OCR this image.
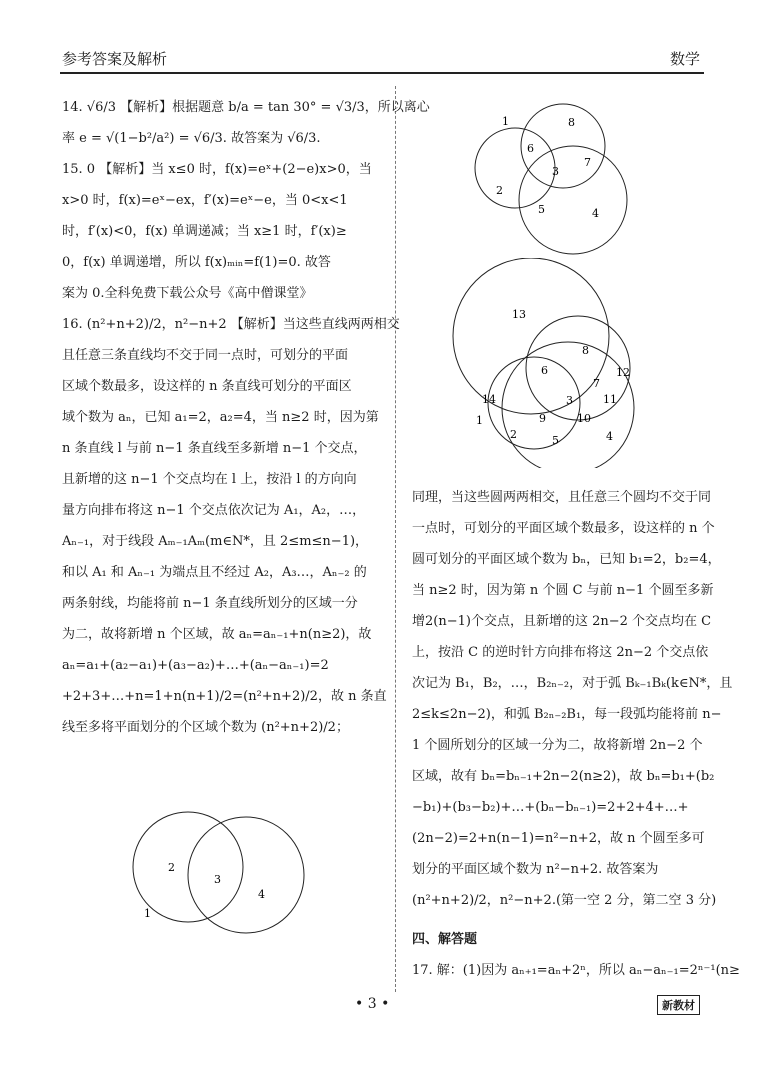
参考答案及解析	数学

14. √6/3 【解析】根据题意 b/a = tan 30° = √3/3，所以离心

率 e = √(1−b²/a²) = √6/3. 故答案为 √6/3.

15. 0 【解析】当 x≤0 时，f(x)=eˣ+(2−e)x>0，当

x>0 时，f(x)=eˣ−ex，f′(x)=eˣ−e，当 0<x<1

时，f′(x)<0，f(x) 单调递减；当 x≥1 时，f′(x)≥

0，f(x) 单调递增，所以 f(x)ₘᵢₙ=f(1)=0. 故答

案为 0.全科免费下载公众号《高中僧课堂》

16. (n²+n+2)/2，n²−n+2 【解析】当这些直线两两相交

且任意三条直线均不交于同一点时，可划分的平面

区域个数最多，设这样的 n 条直线可划分的平面区

域个数为 aₙ，已知 a₁=2，a₂=4，当 n≥2 时，因为第

n 条直线 l 与前 n−1 条直线至多新增 n−1 个交点，

且新增的这 n−1 个交点均在 l 上，按沿 l 的方向向

量方向排布将这 n−1 个交点依次记为 A₁，A₂，…，

Aₙ₋₁，对于线段 Aₘ₋₁Aₘ(m∈N*，且 2≤m≤n−1)，

和以 A₁ 和 Aₙ₋₁ 为端点且不经过 A₂，A₃…，Aₙ₋₂ 的

两条射线，均能将前 n−1 条直线所划分的区域一分

为二，故将新增 n 个区域，故 aₙ=aₙ₋₁+n(n≥2)，故

aₙ=a₁+(a₂−a₁)+(a₃−a₂)+…+(aₙ−aₙ₋₁)=2

+2+3+…+n=1+n(n+1)/2=(n²+n+2)/2，故 n 条直

线至多将平面划分的个区域个数为 (n²+n+2)/2；

2
3
4
1
1	8
6
7
3
2
5	4
13
8
6	12
7
14	3	11
1	9	10
2	5	4

同理，当这些圆两两相交，且任意三个圆均不交于同

一点时，可划分的平面区域个数最多，设这样的 n 个

圆可划分的平面区域个数为 bₙ，已知 b₁=2，b₂=4，

当 n≥2 时，因为第 n 个圆 C 与前 n−1 个圆至多新

增2(n−1)个交点，且新增的这 2n−2 个交点均在 C

上，按沿 C 的逆时针方向排布将这 2n−2 个交点依

次记为 B₁，B₂，…，B₂ₙ₋₂，对于弧 Bₖ₋₁Bₖ(k∈N*，且

2≤k≤2n−2)，和弧 B₂ₙ₋₂B₁，每一段弧均能将前 n−

1 个圆所划分的区域一分为二，故将新增 2n−2 个

区域，故有 bₙ=bₙ₋₁+2n−2(n≥2)，故 bₙ=b₁+(b₂

−b₁)+(b₃−b₂)+…+(bₙ−bₙ₋₁)=2+2+4+…+

(2n−2)=2+n(n−1)=n²−n+2，故 n 个圆至多可

划分的平面区域个数为 n²−n+2. 故答案为

(n²+n+2)/2，n²−n+2.(第一空 2 分，第二空 3 分)

四、解答题

17. 解：(1)因为 aₙ₊₁=aₙ+2ⁿ，所以 aₙ−aₙ₋₁=2ⁿ⁻¹(n≥

• 3 •	新教材
